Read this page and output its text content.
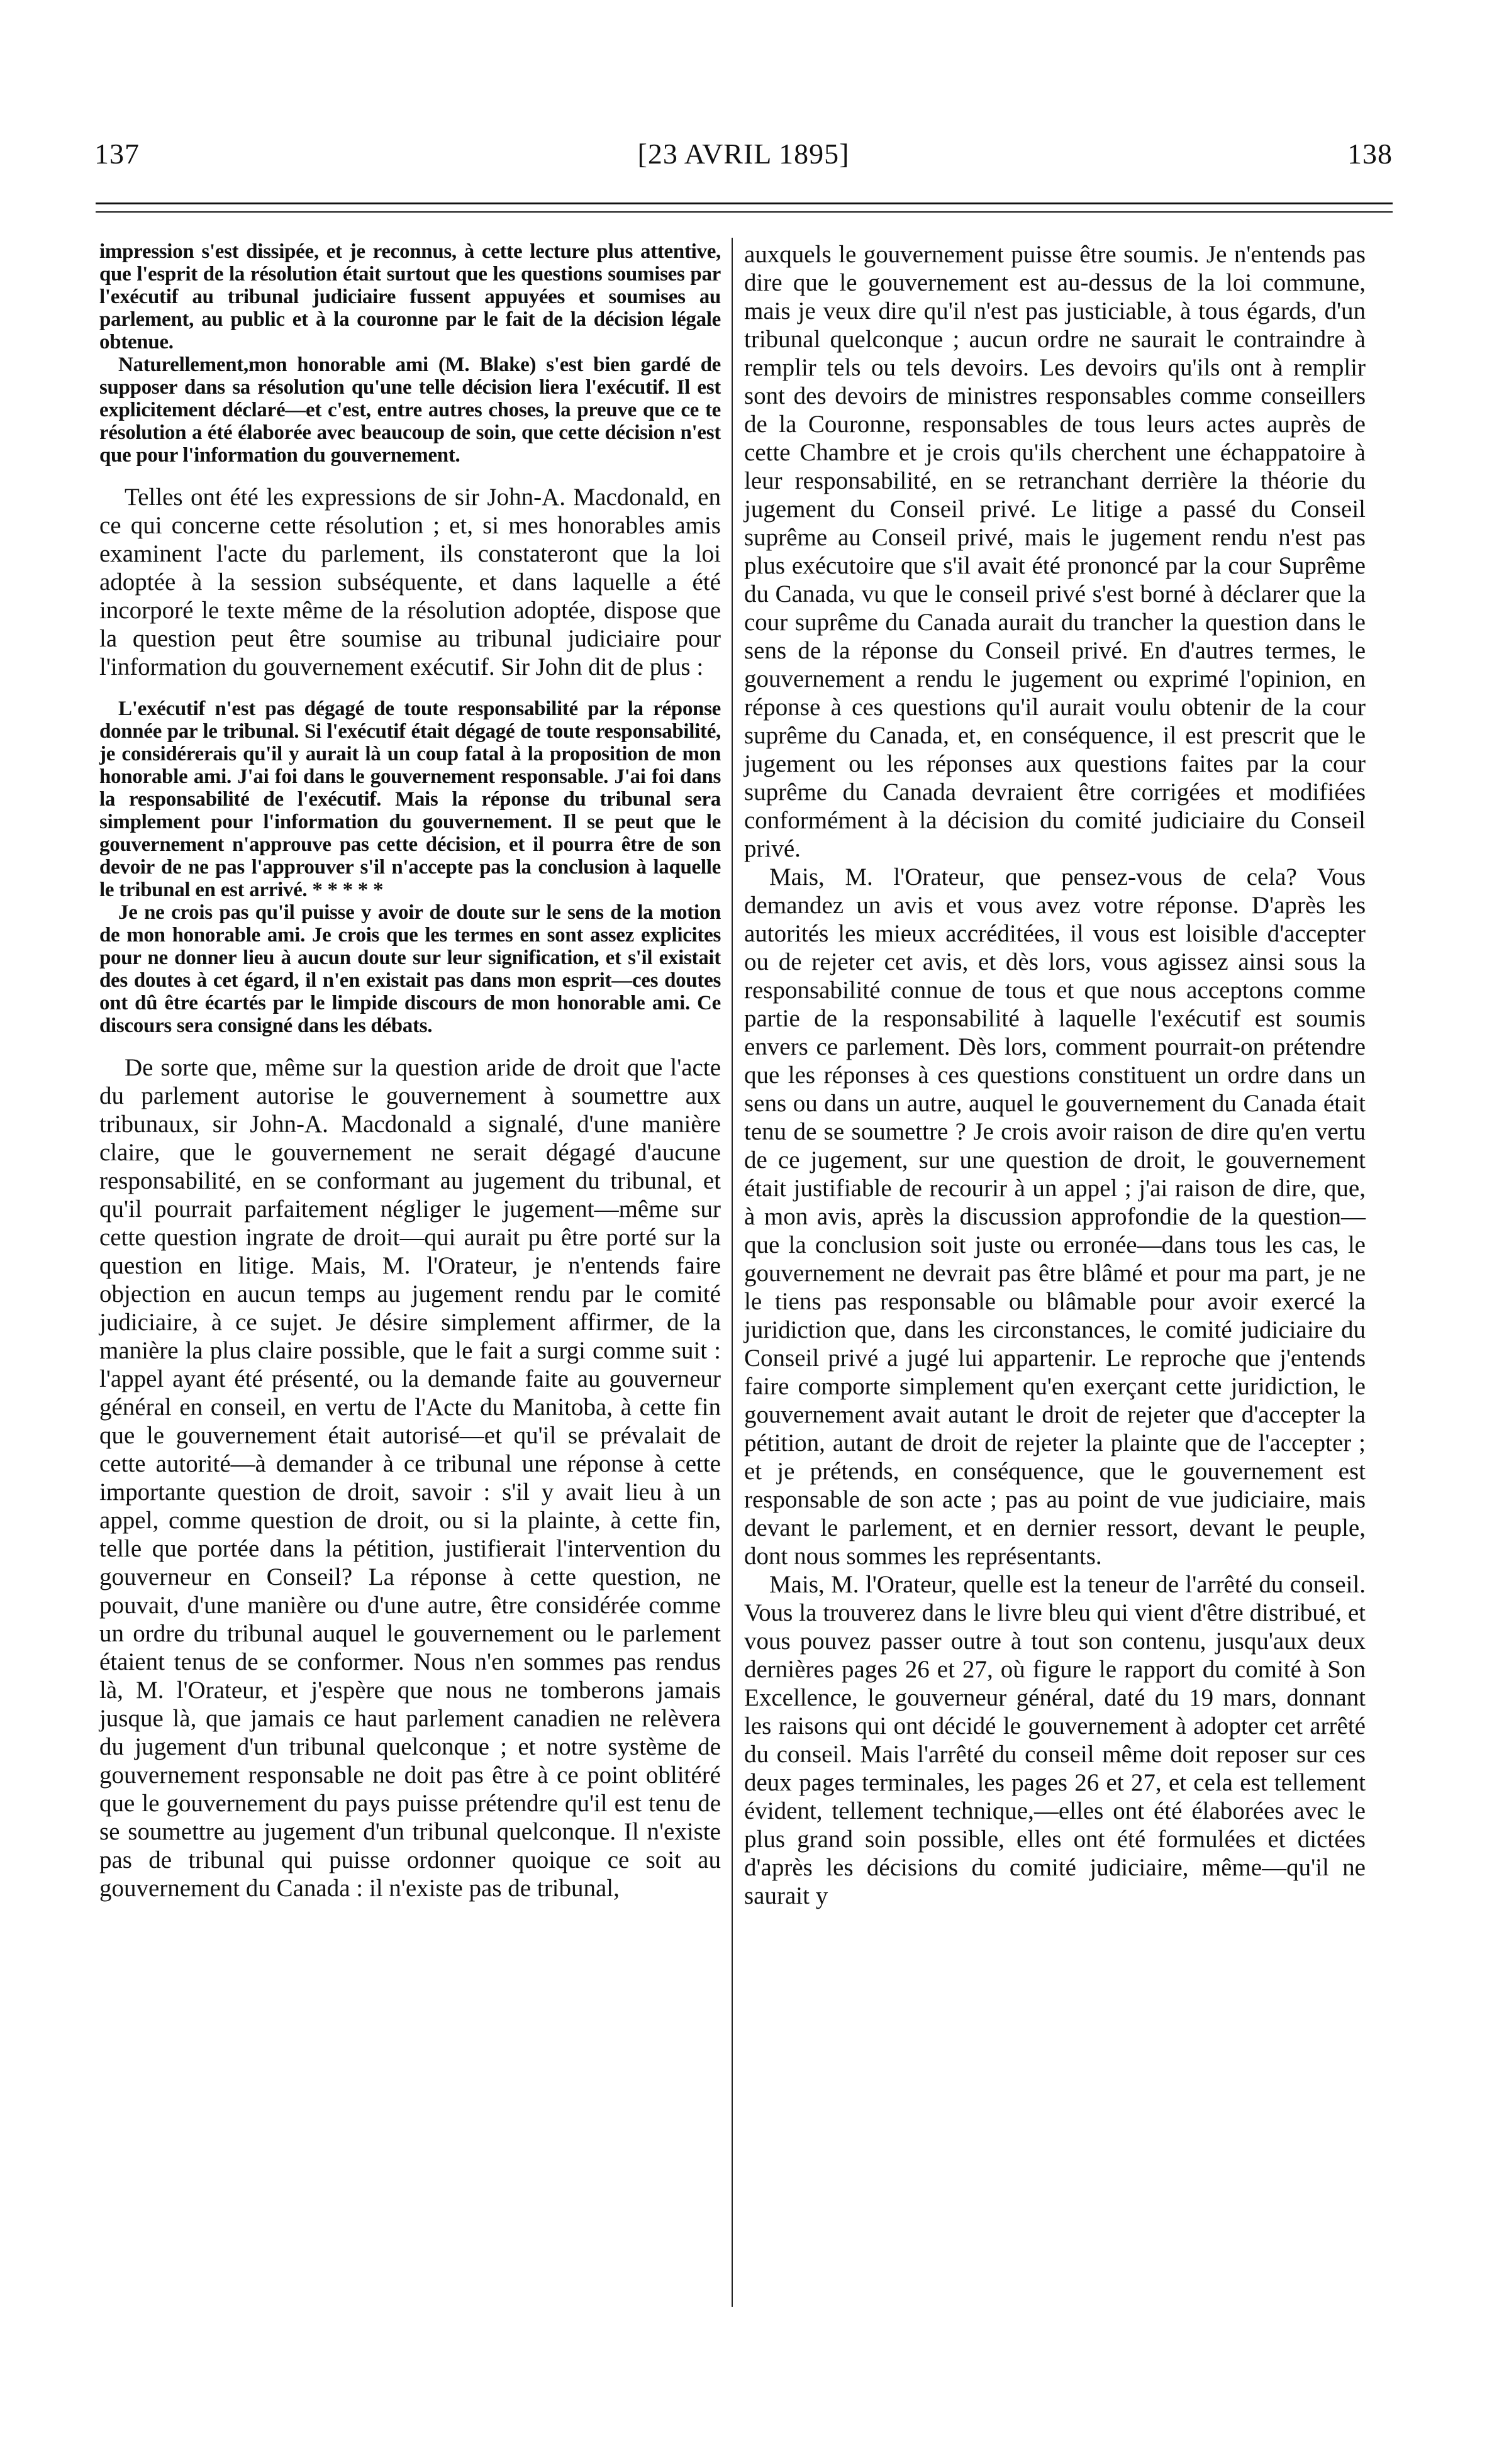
137	[23 AVRIL 1895]	138

impression s'est dissipée, et je reconnus, à cette lecture plus attentive, que l'esprit de la résolution était surtout que les questions soumises par l'exécutif au tribunal judiciaire fussent appuyées et soumises au parlement, au public et à la couronne par le fait de la décision légale obtenue.

Naturellement,mon honorable ami (M. Blake) s'est bien gardé de supposer dans sa résolution qu'une telle décision liera l'exécutif. Il est explicitement déclaré—et c'est, entre autres choses, la preuve que ce te résolution a été élaborée avec beaucoup de soin, que cette décision n'est que pour l'information du gouvernement.

Telles ont été les expressions de sir John-A. Macdonald, en ce qui concerne cette résolution ; et, si mes honorables amis examinent l'acte du parlement, ils constateront que la loi adoptée à la session subséquente, et dans laquelle a été incorporé le texte même de la résolution adoptée, dispose que la question peut être soumise au tribunal judiciaire pour l'information du gouvernement exécutif. Sir John dit de plus :

L'exécutif n'est pas dégagé de toute responsabilité par la réponse donnée par le tribunal. Si l'exécutif était dégagé de toute responsabilité, je considérerais qu'il y aurait là un coup fatal à la proposition de mon honorable ami. J'ai foi dans le gouvernement responsable. J'ai foi dans la responsabilité de l'exécutif. Mais la réponse du tribunal sera simplement pour l'information du gouvernement. Il se peut que le gouvernement n'approuve pas cette décision, et il pourra être de son devoir de ne pas l'approuver s'il n'accepte pas la conclusion à laquelle le tribunal en est arrivé. * * * * *

Je ne crois pas qu'il puisse y avoir de doute sur le sens de la motion de mon honorable ami. Je crois que les termes en sont assez explicites pour ne donner lieu à aucun doute sur leur signification, et s'il existait des doutes à cet égard, il n'en existait pas dans mon esprit—ces doutes ont dû être écartés par le limpide discours de mon honorable ami. Ce discours sera consigné dans les débats.

De sorte que, même sur la question aride de droit que l'acte du parlement autorise le gouvernement à soumettre aux tribunaux, sir John-A. Macdonald a signalé, d'une manière claire, que le gouvernement ne serait dégagé d'aucune responsabilité, en se conformant au jugement du tribunal, et qu'il pourrait parfaitement négliger le jugement—même sur cette question ingrate de droit—qui aurait pu être porté sur la question en litige. Mais, M. l'Orateur, je n'entends faire objection en aucun temps au jugement rendu par le comité judiciaire, à ce sujet. Je désire simplement affirmer, de la manière la plus claire possible, que le fait a surgi comme suit : l'appel ayant été présenté, ou la demande faite au gouverneur général en conseil, en vertu de l'Acte du Manitoba, à cette fin que le gouvernement était autorisé—et qu'il se prévalait de cette autorité—à demander à ce tribunal une réponse à cette importante question de droit, savoir : s'il y avait lieu à un appel, comme question de droit, ou si la plainte, à cette fin, telle que portée dans la pétition, justifierait l'intervention du gouverneur en Conseil? La réponse à cette question, ne pouvait, d'une manière ou d'une autre, être considérée comme un ordre du tribunal auquel le gouvernement ou le parlement étaient tenus de se conformer. Nous n'en sommes pas rendus là, M. l'Orateur, et j'espère que nous ne tomberons jamais jusque là, que jamais ce haut parlement canadien ne relèvera du jugement d'un tribunal quelconque ; et notre système de gouvernement responsable ne doit pas être à ce point oblitéré que le gouvernement du pays puisse prétendre qu'il est tenu de se soumettre au jugement d'un tribunal quelconque. Il n'existe pas de tribunal qui puisse ordonner quoique ce soit au gouvernement du Canada : il n'existe pas de tribunal,

auxquels le gouvernement puisse être soumis. Je n'entends pas dire que le gouvernement est au-dessus de la loi commune, mais je veux dire qu'il n'est pas justiciable, à tous égards, d'un tribunal quelconque ; aucun ordre ne saurait le contraindre à remplir tels ou tels devoirs. Les devoirs qu'ils ont à remplir sont des devoirs de ministres responsables comme conseillers de la Couronne, responsables de tous leurs actes auprès de cette Chambre et je crois qu'ils cherchent une échappatoire à leur responsabilité, en se retranchant derrière la théorie du jugement du Conseil privé. Le litige a passé du Conseil suprême au Conseil privé, mais le jugement rendu n'est pas plus exécutoire que s'il avait été prononcé par la cour Suprême du Canada, vu que le conseil privé s'est borné à déclarer que la cour suprême du Canada aurait du trancher la question dans le sens de la réponse du Conseil privé. En d'autres termes, le gouvernement a rendu le jugement ou exprimé l'opinion, en réponse à ces questions qu'il aurait voulu obtenir de la cour suprême du Canada, et, en conséquence, il est prescrit que le jugement ou les réponses aux questions faites par la cour suprême du Canada devraient être corrigées et modifiées conformément à la décision du comité judiciaire du Conseil privé.

Mais, M. l'Orateur, que pensez-vous de cela? Vous demandez un avis et vous avez votre réponse. D'après les autorités les mieux accréditées, il vous est loisible d'accepter ou de rejeter cet avis, et dès lors, vous agissez ainsi sous la responsabilité connue de tous et que nous acceptons comme partie de la responsabilité à laquelle l'exécutif est soumis envers ce parlement. Dès lors, comment pourrait-on prétendre que les réponses à ces questions constituent un ordre dans un sens ou dans un autre, auquel le gouvernement du Canada était tenu de se soumettre ? Je crois avoir raison de dire qu'en vertu de ce jugement, sur une question de droit, le gouvernement était justifiable de recourir à un appel ; j'ai raison de dire, que, à mon avis, après la discussion approfondie de la question—que la conclusion soit juste ou erronée—dans tous les cas, le gouvernement ne devrait pas être blâmé et pour ma part, je ne le tiens pas responsable ou blâmable pour avoir exercé la juridiction que, dans les circonstances, le comité judiciaire du Conseil privé a jugé lui appartenir. Le reproche que j'entends faire comporte simplement qu'en exerçant cette juridiction, le gouvernement avait autant le droit de rejeter que d'accepter la pétition, autant de droit de rejeter la plainte que de l'accepter ; et je prétends, en conséquence, que le gouvernement est responsable de son acte ; pas au point de vue judiciaire, mais devant le parlement, et en dernier ressort, devant le peuple, dont nous sommes les représentants.

Mais, M. l'Orateur, quelle est la teneur de l'arrêté du conseil. Vous la trouverez dans le livre bleu qui vient d'être distribué, et vous pouvez passer outre à tout son contenu, jusqu'aux deux dernières pages 26 et 27, où figure le rapport du comité à Son Excellence, le gouverneur général, daté du 19 mars, donnant les raisons qui ont décidé le gouvernement à adopter cet arrêté du conseil. Mais l'arrêté du conseil même doit reposer sur ces deux pages terminales, les pages 26 et 27, et cela est tellement évident, tellement technique,—elles ont été élaborées avec le plus grand soin possible, elles ont été formulées et dictées d'après les décisions du comité judiciaire, même—qu'il ne saurait y
